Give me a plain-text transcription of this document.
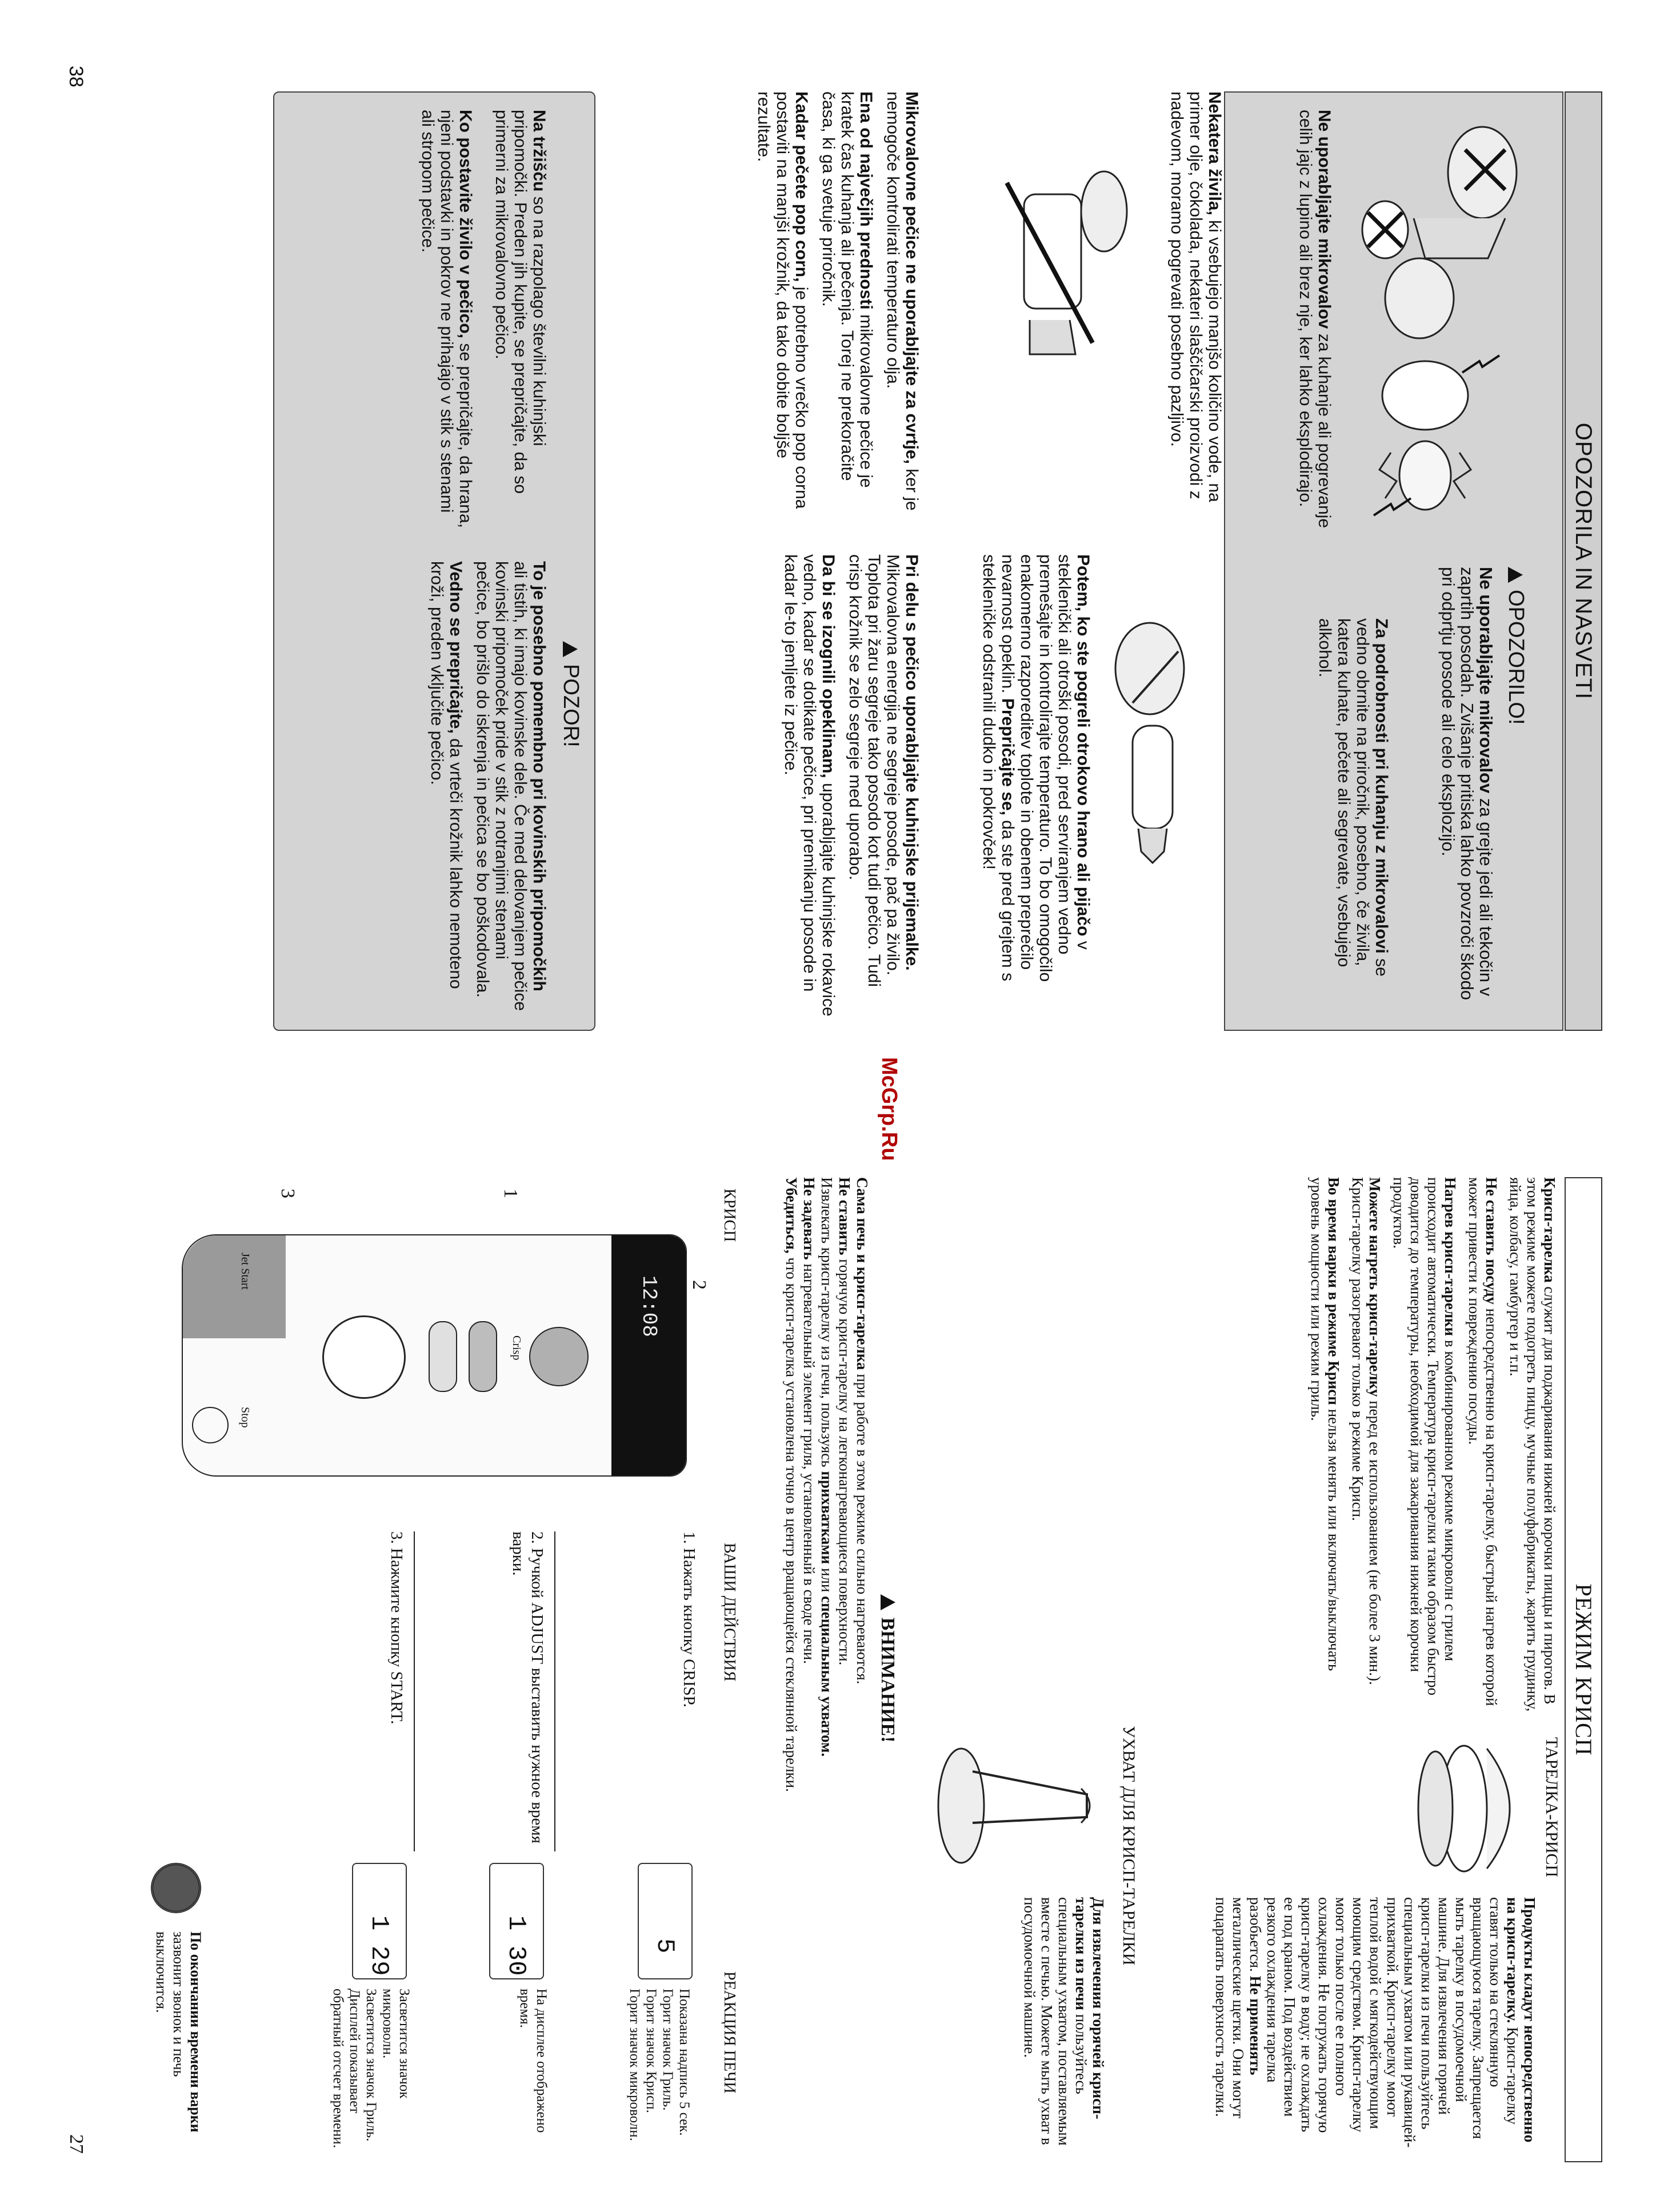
38
OPOZORILA IN NASVETI
OPOZORILO!

Ne uporabljajte mikrovalov za grejte jedi ali tekočin v zaprtih posodah. Zvišanje pritiska lahko povzroči škodo pri odprtju posode ali celo eksplozijo.

Za podrobnosti pri kuhanju z mikrovalovi se vedno obrnite na priročnik, posebno, če živila, katera kuhate, pečete ali segrevate, vsebujejo alkohol.

Ne uporabljajte mikrovalov za kuhanje ali pogrevanje celih jajc z lupino ali brez nje, ker lahko eksplodirajo.

Nekatera živila, ki vsebujejo manjšo količino vode, na primer olje, čokolada, nekateri slaščičarski proizvodi z nadevom, moramo pogrevati posebno pazljivo.

Potem, ko ste pogreli otrokovo hrano ali pijačo v steklenički ali otroški posodi, pred serviranjem vedno premešajte in kontrolirajte temperaturo. To bo omogočilo enakomerno razporeditev toplote in obenem preprečilo nevarnost opeklin. Prepričajte se, da ste pred grejtem s stekleničke odstranili dudko in pokrovček!

Mikrovalovne pečice ne uporabljajte za cvrtje, ker je nemogoče kontrolirati temperaturo olja.

Ena od največjih prednosti mikrovalovne pečice je kratek čas kuhanja ali pečenja. Torej ne prekoračite časa, ki ga svetuje priročnik.

Kadar pečete pop corn, je potrebno vrečko pop corna postaviti na manjši krožnik, da tako dobite boljše rezultate.

Pri delu s pečico uporabljajte kuhinjske prijemalke. Mikrovalovna energija ne segreje posode, pač pa živilo. Toplota pri žaru segreje tako posodo kot tudi pečico. Tudi crisp krožnik se zelo segreje med uporabo.

Da bi se izognili opeklinam, uporabljajte kuhinjske rokavice vedno, kadar se dotikate pečice, pri premikanju posode in kadar le-to jemljete iz pečice.

POZOR!

Na tržišču so na razpolago številni kuhinjski pripomočki. Preden jih kupite, se prepričajte, da so primerni za mikrovalovno pečico.

Ko postavite živilo v pečico, se prepričajte, da hrana, njeni podstavki in pokrov ne prihajajo v stik s stenami ali stropom pečice.

To je posebno pomembno pri kovinskih pripomočkih ali tistih, ki imajo kovinske dele. Če med delovanjem pečice kovinski pripomoček pride v stik z notranjimi stenami pečice, bo prišlo do iskrenja in pečica se bo poškodovala.

Vedno se prepričajte, da vrteči krožnik lahko nemoteno kroži, preden vključite pečico.

McGrp.Ru
27
РЕЖИМ КРИСП

Крисп-тарелка служит для поджаривания нижней корочки пиццы и пирогов. В этом режиме можете подогреть пиццу, мучные полуфабрикаты, жарить грудинку, яйца, колбасу, гамбургер и т.п.

Не ставить посуду непосредственно на крисп-тарелку, быстрый нагрев которой может привести к повреждению посуды.

Нагрев крисп-тарелки в комбинированном режиме микроволн с грилем происходит автоматически. Температура крисп-тарелки таким образом быстро доводится до температуры, необходимой для зажаривания нижней корочки продуктов.

Можете нагреть крисп-тарелку перед ее использованием (не более 3 мин.). Крисп-тарелку разогревают только в режиме Крисп.

Во время варки в режиме Крисп нельзя менять или включать/выключать уровень мощности или режим гриль.

ТАРЕЛКА-КРИСП

Продукты кладут непосредственно на крисп-тарелку. Крисп-тарелку ставят только на стеклянную вращающуюся тарелку. Запрещается мыть тарелку в посудомоечной машине. Для извлечения горячей крисп-тарелки из печи пользуйтесь специальным ухватом или рукавицей-прихваткой. Крисп-тарелку моют теплой водой с мягкодействующим моющим средством. Крисп-тарелку моют только после ее полного охлаждения. Не погружать горячую крисп-тарелку в воду; не охлаждать ее под краном. Под воздействием резкого охлаждения тарелка разобьется. Не применять металлические щетки. Они могут поцарапать поверхность тарелки.

УХВАТ ДЛЯ КРИСП-ТАРЕЛКИ

Для извлечения горячей крисп-тарелки из печи пользуйтесь специальным ухватом, поставляемым вместе с печью. Можете мыть ухват в посудомоечной машине.

ВНИМАНИЕ!
Сама печь и крисп-тарелка при работе в этом режиме сильно нагреваются.
Не ставить горячую крисп-тарелку на легконагревающиеся поверхности.
Извлекать крисп-тарелку из печи, пользуясь прихватками или специальным ухватом.
Не задевать нагревательный элемент гриля, установленный в своде печи.
Убедиться, что крисп-тарелка установлена точно в центр вращающейся стеклянной тарелки.
КРИСП
ВАШИ ДЕЙСТВИЯ
РЕАКЦИЯ ПЕЧИ
12:08
Crisp
Jet Start
Stop
2
1
3
1. Нажать кнопку CRISP.
2. Ручкой ADJUST выставить нужное время варки.
3. Нажмите кнопку START.
5
1 30
1 29
Показана надпись 5 сек.
Горит значок Гриль.
Горит значок Крисп.
Горит значок микроволн.
На дисплее отображено время.
Засветится значок микроволн.
Засветится значок Гриль.
Дисплей показывает обратный отсчет времени.
По окончании времени варки зазвонит звонок и печь выключится.
